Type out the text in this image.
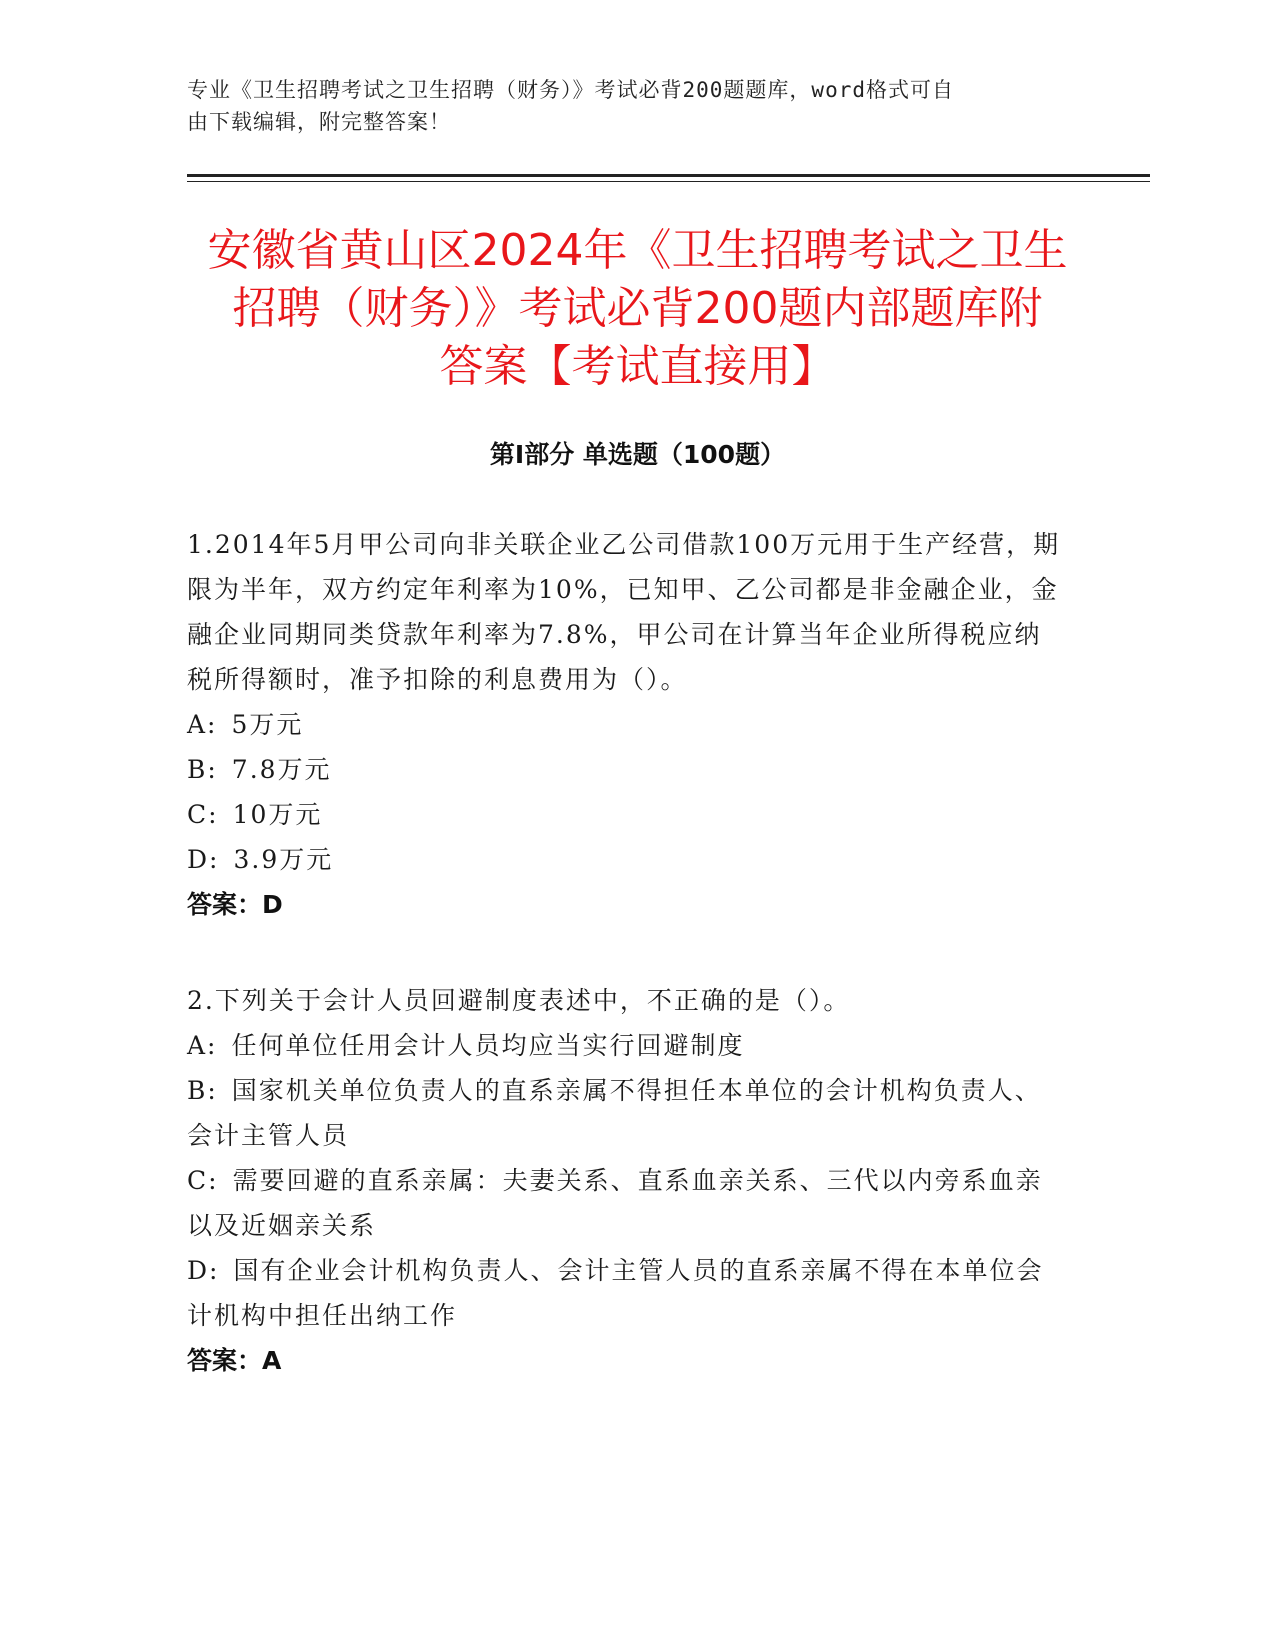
专业《卫生招聘考试之卫生招聘（财务）》考试必背200题题库，word格式可自
由下载编辑，附完整答案！
安徽省黄山区2024年《卫生招聘考试之卫生
招聘（财务）》考试必背200题内部题库附
答案【考试直接用】
第Ⅰ部分 单选题（100题）

1.2014年5月甲公司向非关联企业乙公司借款100万元用于生产经营，期限为半年，双方约定年利率为10%，已知甲、乙公司都是非金融企业，金融企业同期同类贷款年利率为7.8%，甲公司在计算当年企业所得税应纳税所得额时，准予扣除的利息费用为（）。

A: 5万元

B: 7.8万元

C: 10万元

D: 3.9万元

答案：D

2.下列关于会计人员回避制度表述中，不正确的是（）。

A: 任何单位任用会计人员均应当实行回避制度

B: 国家机关单位负责人的直系亲属不得担任本单位的会计机构负责人、会计主管人员

C: 需要回避的直系亲属：夫妻关系、直系血亲关系、三代以内旁系血亲以及近姻亲关系

D: 国有企业会计机构负责人、会计主管人员的直系亲属不得在本单位会计机构中担任出纳工作

答案：A
